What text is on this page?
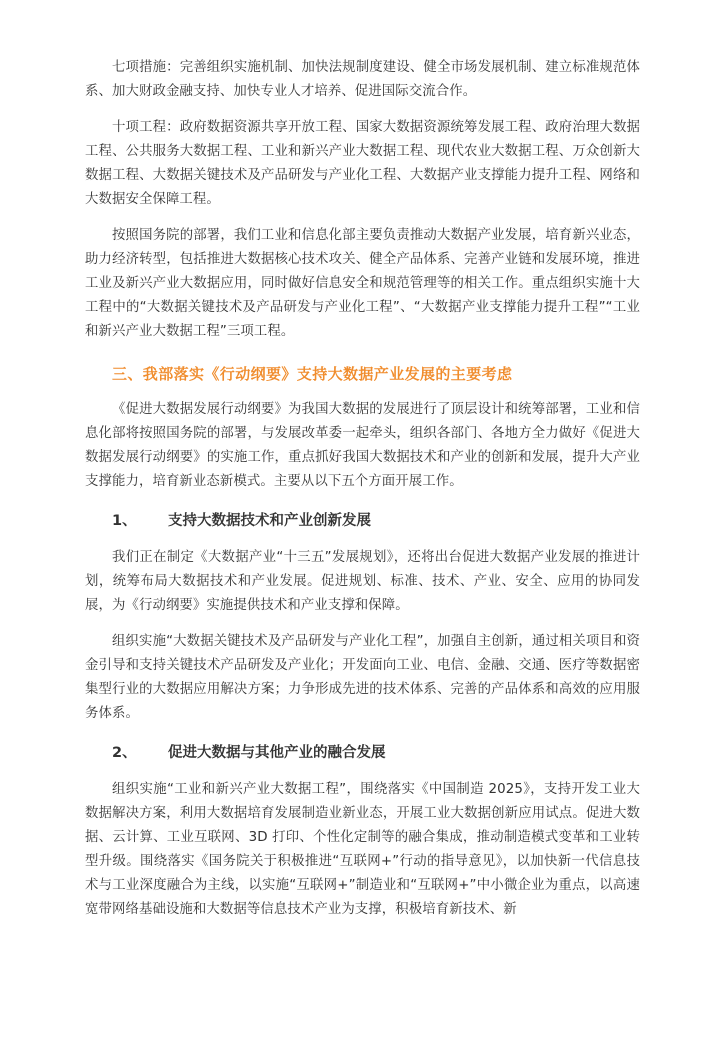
七项措施：完善组织实施机制、加快法规制度建设、健全市场发展机制、建立标准规范体系、加大财政金融支持、加快专业人才培养、促进国际交流合作。

十项工程：政府数据资源共享开放工程、国家大数据资源统筹发展工程、政府治理大数据工程、公共服务大数据工程、工业和新兴产业大数据工程、现代农业大数据工程、万众创新大数据工程、大数据关键技术及产品研发与产业化工程、大数据产业支撑能力提升工程、网络和大数据安全保障工程。

按照国务院的部署，我们工业和信息化部主要负责推动大数据产业发展，培育新兴业态，助力经济转型，包括推进大数据核心技术攻关、健全产品体系、完善产业链和发展环境，推进工业及新兴产业大数据应用，同时做好信息安全和规范管理等的相关工作。重点组织实施十大工程中的“大数据关键技术及产品研发与产业化工程”、“大数据产业支撑能力提升工程”“工业和新兴产业大数据工程”三项工程。

三、我部落实《行动纲要》支持大数据产业发展的主要考虑

《促进大数据发展行动纲要》为我国大数据的发展进行了顶层设计和统筹部署，工业和信息化部将按照国务院的部署，与发展改革委一起牵头，组织各部门、各地方全力做好《促进大数据发展行动纲要》的实施工作，重点抓好我国大数据技术和产业的创新和发展，提升大产业支撑能力，培育新业态新模式。主要从以下五个方面开展工作。

1、	支持大数据技术和产业创新发展

我们正在制定《大数据产业“十三五”发展规划》，还将出台促进大数据产业发展的推进计划，统筹布局大数据技术和产业发展。促进规划、标准、技术、产业、安全、应用的协同发展，为《行动纲要》实施提供技术和产业支撑和保障。

组织实施“大数据关键技术及产品研发与产业化工程”，加强自主创新，通过相关项目和资金引导和支持关键技术产品研发及产业化；开发面向工业、电信、金融、交通、医疗等数据密集型行业的大数据应用解决方案；力争形成先进的技术体系、完善的产品体系和高效的应用服务体系。

2、	促进大数据与其他产业的融合发展

组织实施“工业和新兴产业大数据工程”，围绕落实《中国制造 2025》，支持开发工业大数据解决方案，利用大数据培育发展制造业新业态，开展工业大数据创新应用试点。促进大数据、云计算、工业互联网、3D 打印、个性化定制等的融合集成，推动制造模式变革和工业转型升级。围绕落实《国务院关于积极推进“互联网+”行动的指导意见》，以加快新一代信息技术与工业深度融合为主线，以实施“互联网+”制造业和“互联网+”中小微企业为重点，以高速宽带网络基础设施和大数据等信息技术产业为支撑，积极培育新技术、新
